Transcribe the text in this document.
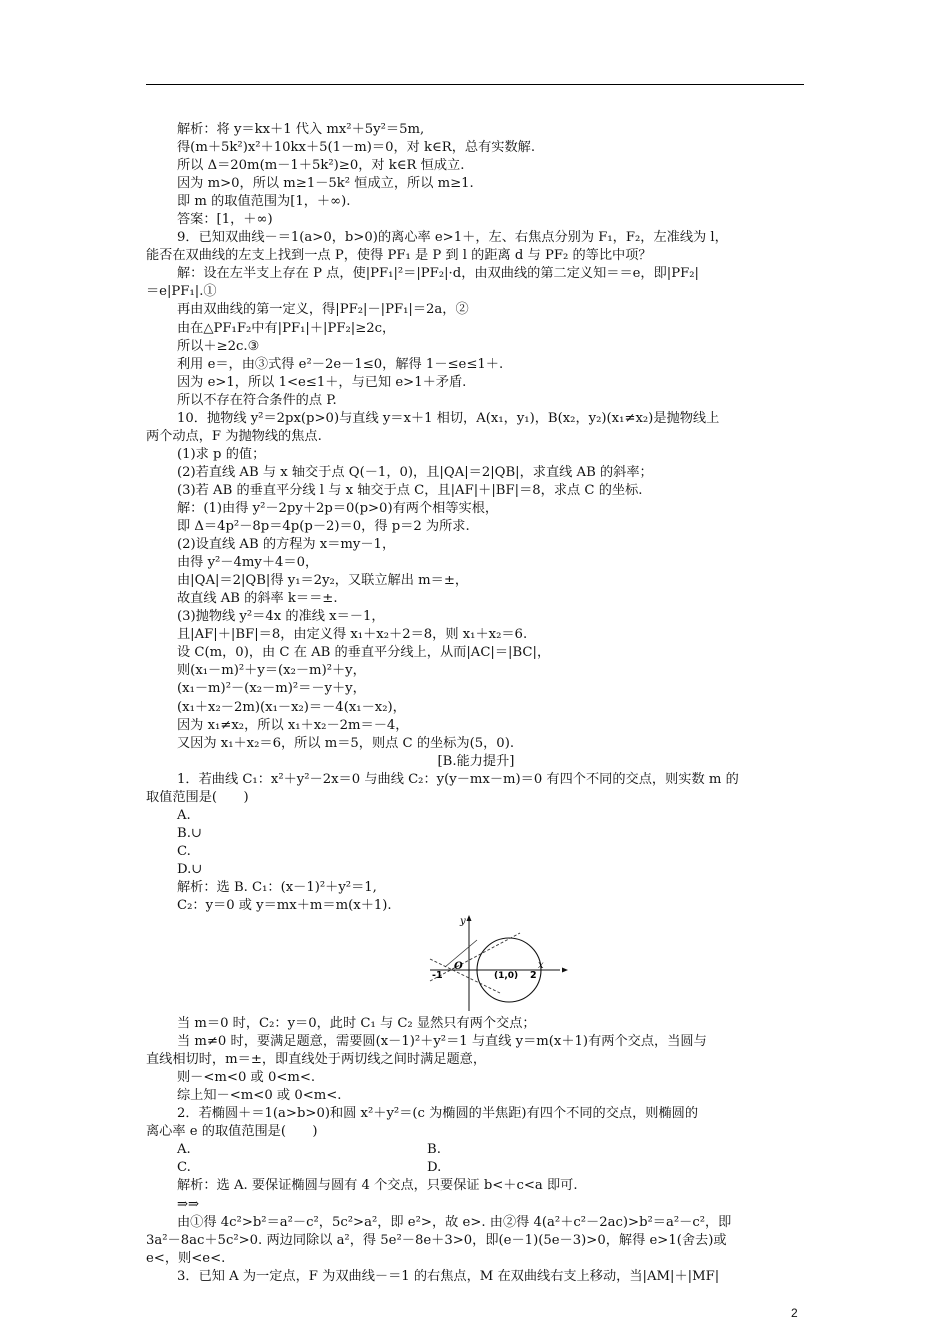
解析：将 y＝kx＋1 代入 mx²＋5y²＝5m,
得(m＋5k²)x²＋10kx＋5(1－m)＝0，对 k∈R，总有实数解.
所以 Δ＝20m(m－1＋5k²)≥0，对 k∈R 恒成立.
因为 m>0，所以 m≥1－5k² 恒成立，所以 m≥1.
即 m 的取值范围为[1，＋∞).
答案：[1，＋∞)
9．已知双曲线－＝1(a>0，b>0)的离心率 e>1＋，左、右焦点分别为 F₁，F₂，左准线为 l，
能否在双曲线的左支上找到一点 P，使得 PF₁ 是 P 到 l 的距离 d 与 PF₂ 的等比中项？
解：设在左半支上存在 P 点，使|PF₁|²＝|PF₂|·d，由双曲线的第二定义知＝＝e，即|PF₂|
＝e|PF₁|.①
再由双曲线的第一定义，得|PF₂|－|PF₁|＝2a，②
由在△PF₁F₂中有|PF₁|＋|PF₂|≥2c，
所以＋≥2c.③
利用 e＝，由③式得 e²－2e－1≤0，解得 1－≤e≤1＋.
因为 e>1，所以 1<e≤1＋，与已知 e>1＋矛盾.
所以不存在符合条件的点 P.
10．抛物线 y²＝2px(p>0)与直线 y＝x＋1 相切，A(x₁，y₁)，B(x₂，y₂)(x₁≠x₂)是抛物线上
两个动点，F 为抛物线的焦点.
(1)求 p 的值；
(2)若直线 AB 与 x 轴交于点 Q(－1，0)，且|QA|＝2|QB|，求直线 AB 的斜率；
(3)若 AB 的垂直平分线 l 与 x 轴交于点 C，且|AF|＋|BF|＝8，求点 C 的坐标.
解：(1)由得 y²－2py＋2p＝0(p>0)有两个相等实根，
即 Δ＝4p²－8p＝4p(p－2)＝0，得 p＝2 为所求.
(2)设直线 AB 的方程为 x＝my－1，
由得 y²－4my＋4＝0，
由|QA|＝2|QB|得 y₁＝2y₂，又联立解出 m＝±，
故直线 AB 的斜率 k＝＝±.
(3)抛物线 y²＝4x 的准线 x＝－1，
且|AF|＋|BF|＝8，由定义得 x₁＋x₂＋2＝8，则 x₁＋x₂＝6.
设 C(m，0)，由 C 在 AB 的垂直平分线上，从而|AC|＝|BC|，
则(x₁－m)²＋y＝(x₂－m)²＋y，
(x₁－m)²－(x₂－m)²＝－y＋y，
(x₁＋x₂－2m)(x₁－x₂)＝－4(x₁－x₂)，
因为 x₁≠x₂，所以 x₁＋x₂－2m＝－4，
又因为 x₁＋x₂＝6，所以 m＝5，则点 C 的坐标为(5，0).
[B.能力提升]
1．若曲线 C₁：x²＋y²－2x＝0 与曲线 C₂：y(y－mx－m)＝0 有四个不同的交点，则实数 m 的
取值范围是(　　)
A.
B.∪
C.
D.∪
解析：选 B. C₁：(x－1)²＋y²＝1,
C₂：y＝0 或 y＝mx＋m＝m(x＋1).
y
x
O
-1	2
(1,0)
当 m＝0 时，C₂：y＝0，此时 C₁ 与 C₂ 显然只有两个交点；
当 m≠0 时，要满足题意，需要圆(x－1)²＋y²＝1 与直线 y＝m(x＋1)有两个交点，当圆与
直线相切时，m＝±，即直线处于两切线之间时满足题意，
则－<m<0 或 0<m<.
综上知－<m<0 或 0<m<.
2．若椭圆＋＝1(a>b>0)和圆 x²＋y²＝(c 为椭圆的半焦距)有四个不同的交点，则椭圆的
离心率 e 的取值范围是(　　)
A.	B.
C.	D.
解析：选 A. 要保证椭圆与圆有 4 个交点，只要保证 b<＋c<a 即可.
⇒⇒
由①得 4c²>b²＝a²－c²，5c²>a²，即 e²>，故 e>. 由②得 4(a²＋c²－2ac)>b²＝a²－c²，即
3a²－8ac＋5c²>0. 两边同除以 a²，得 5e²－8e＋3>0，即(e－1)(5e－3)>0，解得 e>1(舍去)或
e<，则<e<.
3．已知 A 为一定点，F 为双曲线－＝1 的右焦点，M 在双曲线右支上移动，当|AM|＋|MF|
2
